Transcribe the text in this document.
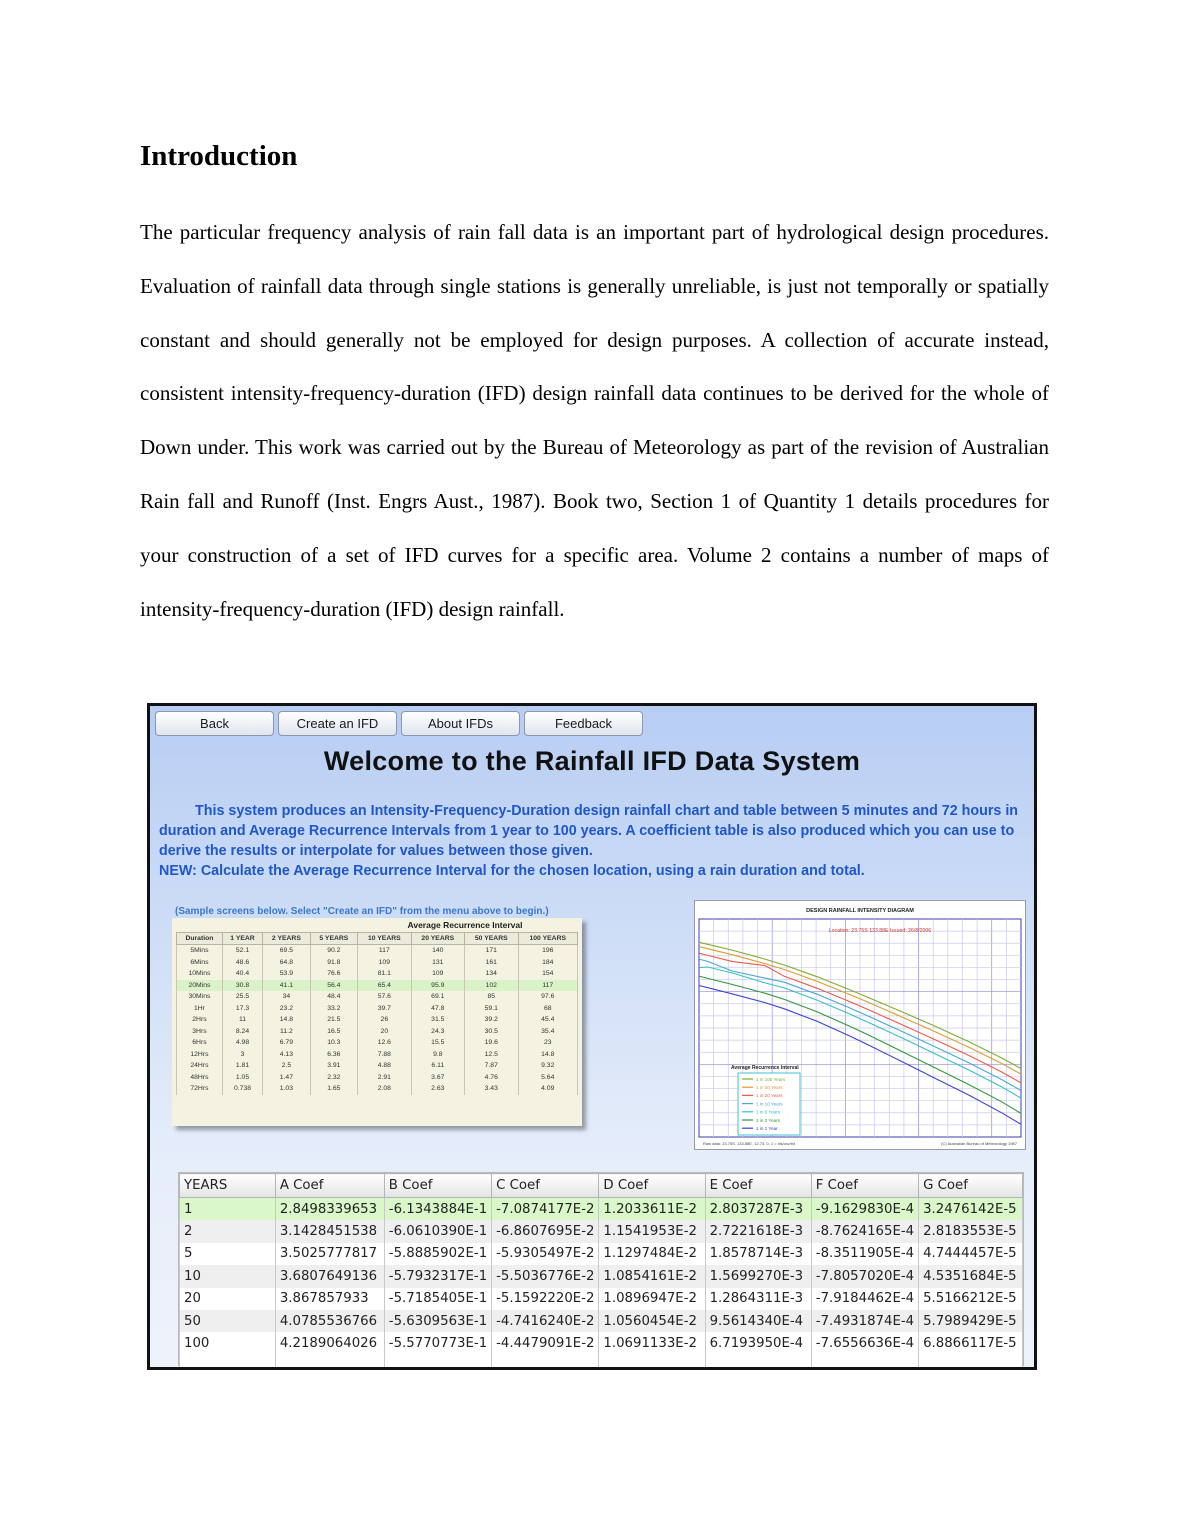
Introduction

The particular frequency analysis of rain fall data is an important part of hydrological design procedures. Evaluation of rainfall data through single stations is generally unreliable, is just not temporally or spatially constant and should generally not be employed for design purposes. A collection of accurate instead, consistent intensity-frequency-duration (IFD) design rainfall data continues to be derived for the whole of Down under. This work was carried out by the Bureau of Meteorology as part of the revision of Australian Rain fall and Runoff (Inst. Engrs Aust., 1987). Book two, Section 1 of Quantity 1 details procedures for your construction of a set of IFD curves for a specific area. Volume 2 contains a number of maps of intensity-frequency-duration (IFD) design rainfall.

Back	Create an IFD	About IFDs	Feedback
Welcome to the Rainfall IFD Data System

This system produces an Intensity-Frequency-Duration design rainfall chart and table between 5 minutes and 72 hours in duration and Average Recurrence Intervals from 1 year to 100 years. A coefficient table is also produced which you can use to derive the results or interpolate for values between those given.

NEW: Calculate the Average Recurrence Interval for the chosen location, using a rain duration and total.

(Sample screens below. Select "Create an IFD" from the menu above to begin.)
Average Recurrence Interval
Duration	1 YEAR	2 YEARS	5 YEARS	10 YEARS	20 YEARS	50 YEARS	100 YEARS
5Mins	52.1	69.5	90.2	117	140	171	196
6Mins	48.6	64.8	91.8	109	131	161	184
10Mins	40.4	53.9	76.6	81.1	109	134	154
20Mins	30.8	41.1	56.4	65.4	95.9	102	117
30Mins	25.5	34	48.4	57.6	69.1	85	97.6
1Hr	17.3	23.2	33.2	39.7	47.8	59.1	68
2Hrs	11	14.8	21.5	26	31.5	39.2	45.4
3Hrs	8.24	11.2	16.5	20	24.3	30.5	35.4
6Hrs	4.98	6.79	10.3	12.6	15.5	19.6	23
12Hrs	3	4.13	6.36	7.88	9.8	12.5	14.8
24Hrs	1.81	2.5	3.91	4.88	6.11	7.87	9.32
48Hrs	1.05	1.47	2.32	2.91	3.67	4.76	5.64
72Hrs	0.738	1.03	1.65	2.08	2.63	3.43	4.09
DESIGN RAINFALL INTENSITY DIAGRAM
Location: 23.75S 133.88E Issued: 26/8/2006
Average Recurrence Interval
1 in 100 Years
1 in 50 Years
1 in 20 Years
1 in 10 Years
1 in 5 Years
1 in 2 Years
1 in 1 Year
Raw data: 23.75S, 133.88E, 12.73, 0, 1 = xls/csv/txt	(C) Australian Bureau of Meteorology 1987
YEARS	A Coef	B Coef	C Coef	D Coef	E Coef	F Coef	G Coef
1	2.8498339653	-6.1343884E-1	-7.0874177E-2	1.2033611E-2	2.8037287E-3	-9.1629830E-4	3.2476142E-5
2	3.1428451538	-6.0610390E-1	-6.8607695E-2	1.1541953E-2	2.7221618E-3	-8.7624165E-4	2.8183553E-5
5	3.5025777817	-5.8885902E-1	-5.9305497E-2	1.1297484E-2	1.8578714E-3	-8.3511905E-4	4.7444457E-5
10	3.6807649136	-5.7932317E-1	-5.5036776E-2	1.0854161E-2	1.5699270E-3	-7.8057020E-4	4.5351684E-5
20	3.867857933	-5.7185405E-1	-5.1592220E-2	1.0896947E-2	1.2864311E-3	-7.9184462E-4	5.5166212E-5
50	4.0785536766	-5.6309563E-1	-4.7416240E-2	1.0560454E-2	9.5614340E-4	-7.4931874E-4	5.7989429E-5
100	4.2189064026	-5.5770773E-1	-4.4479091E-2	1.0691133E-2	6.7193950E-4	-7.6556636E-4	6.8866117E-5
